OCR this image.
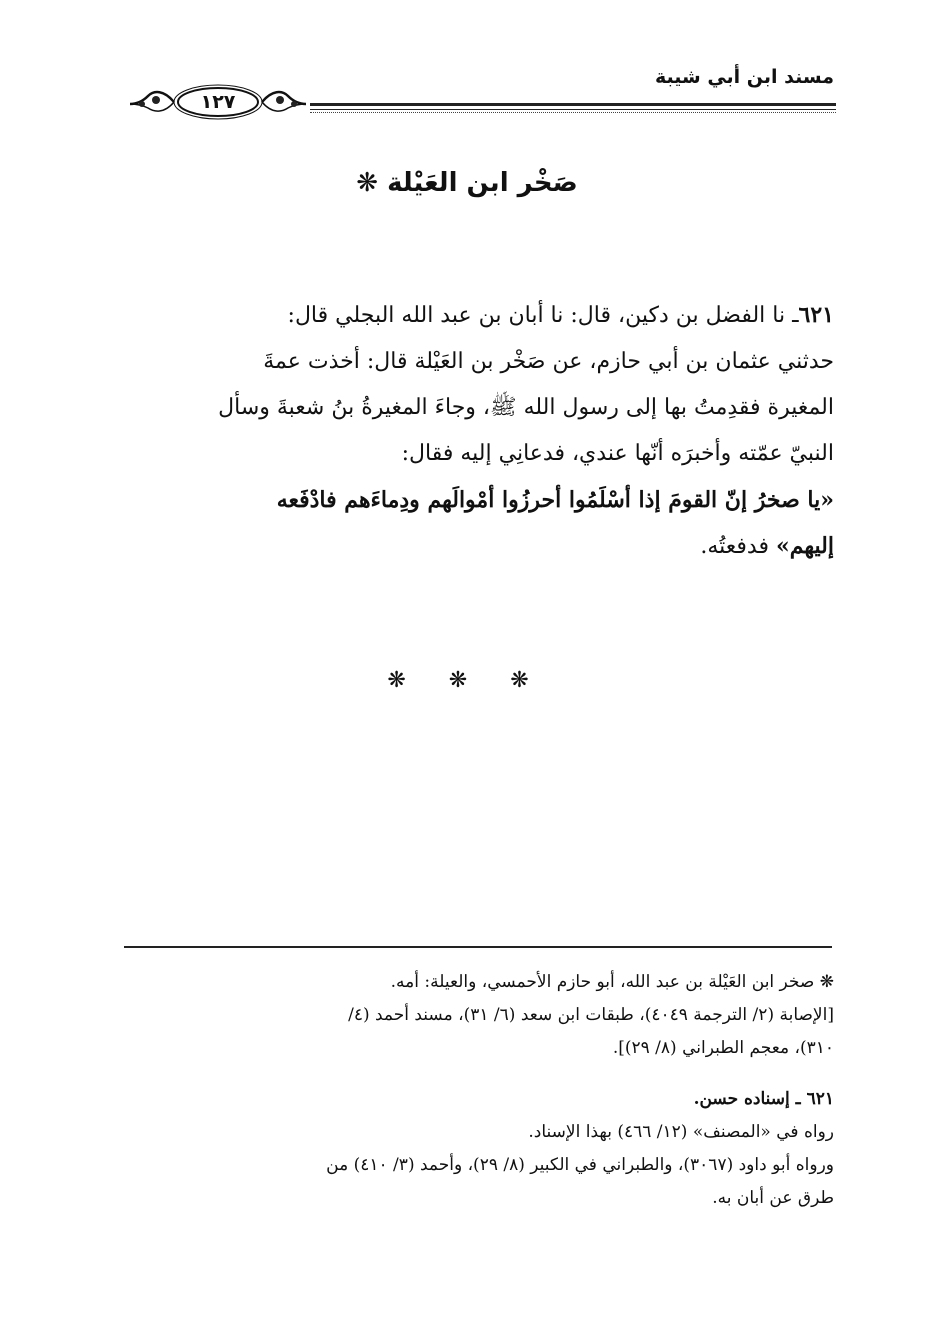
مسند ابن أبي شيبة
١٢٧
صَخْر ابن العَيْلة ❋

٦٢١ـ نا الفضل بن دكين، قال: نا أبان بن عبد الله البجلي قال:

حدثني عثمان بن أبي حازم، عن صَخْر بن العَيْلة قال: أخذت عمةَ

المغيرة فقدِمتُ بها إلى رسول الله ﷺ، وجاءَ المغيرةُ بنُ شعبةَ وسأل

النبيّ عمّته وأخبرَه أنّها عندي، فدعانِي إليه فقال:

«يا صخرُ إنّ القومَ إذا أسْلَمُوا أحرزُوا أمْوالَهم ودِماءَهم فادْفَعه

إليهم» فدفعتُه.

❋ ❋ ❋

❋ صخر ابن العَيْلة بن عبد الله، أبو حازم الأحمسي، والعيلة: أمه.

[الإصابة (٢/ الترجمة ٤٠٤٩)، طبقات ابن سعد (٦/ ٣١)، مسند أحمد (٤/

٣١٠)، معجم الطبراني (٨/ ٢٩)].

٦٢١ ـ إسناده حسن.

رواه في «المصنف» (١٢/ ٤٦٦) بهذا الإسناد.

ورواه أبو داود (٣٠٦٧)، والطبراني في الكبير (٨/ ٢٩)، وأحمد (٣/ ٤١٠) من

طرق عن أبان به.
